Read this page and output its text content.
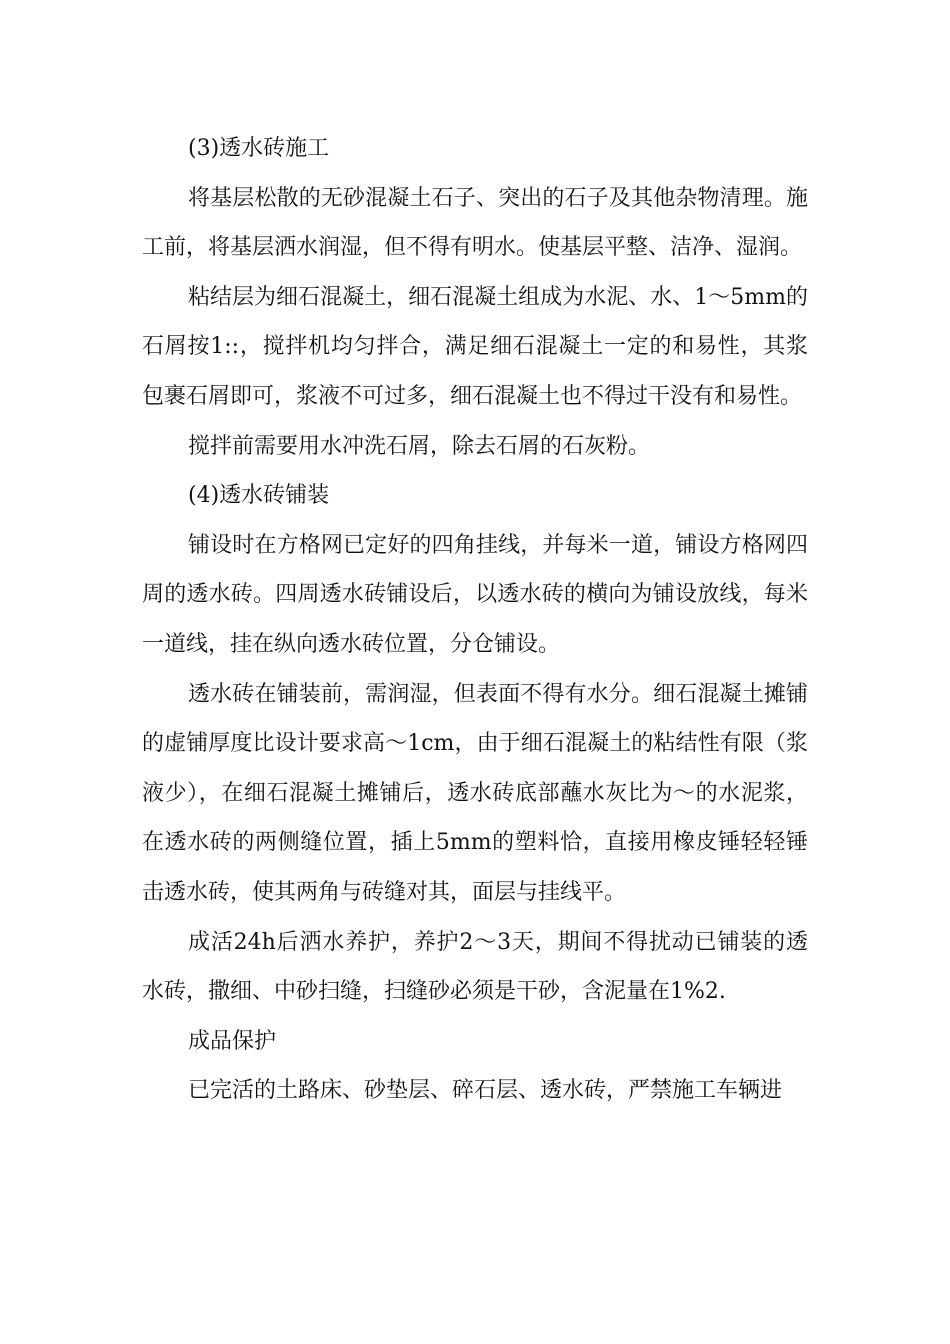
(3)透水砖施工

将基层松散的无砂混凝土石子、突出的石子及其他杂物清理。施工前，将基层洒水润湿，但不得有明水。使基层平整、洁净、湿润。

粘结层为细石混凝土，细石混凝土组成为水泥、水、1～5mm的石屑按1::，搅拌机均匀拌合，满足细石混凝土一定的和易性，其浆包裹石屑即可，浆液不可过多，细石混凝土也不得过干没有和易性。

搅拌前需要用水冲洗石屑，除去石屑的石灰粉。

(4)透水砖铺装

铺设时在方格网已定好的四角挂线，并每米一道，铺设方格网四周的透水砖。四周透水砖铺设后，以透水砖的横向为铺设放线，每米一道线，挂在纵向透水砖位置，分仓铺设。

透水砖在铺装前，需润湿，但表面不得有水分。细石混凝土摊铺的虚铺厚度比设计要求高～1cm，由于细石混凝土的粘结性有限（浆液少），在细石混凝土摊铺后，透水砖底部蘸水灰比为～的水泥浆，在透水砖的两侧缝位置，插上5mm的塑料恰，直接用橡皮锤轻轻锤击透水砖，使其两角与砖缝对其，面层与挂线平。

成活24h后洒水养护，养护2～3天，期间不得扰动已铺装的透水砖，撒细、中砂扫缝，扫缝砂必须是干砂，含泥量在1%2.

成品保护

已完活的土路床、砂垫层、碎石层、透水砖，严禁施工车辆进
